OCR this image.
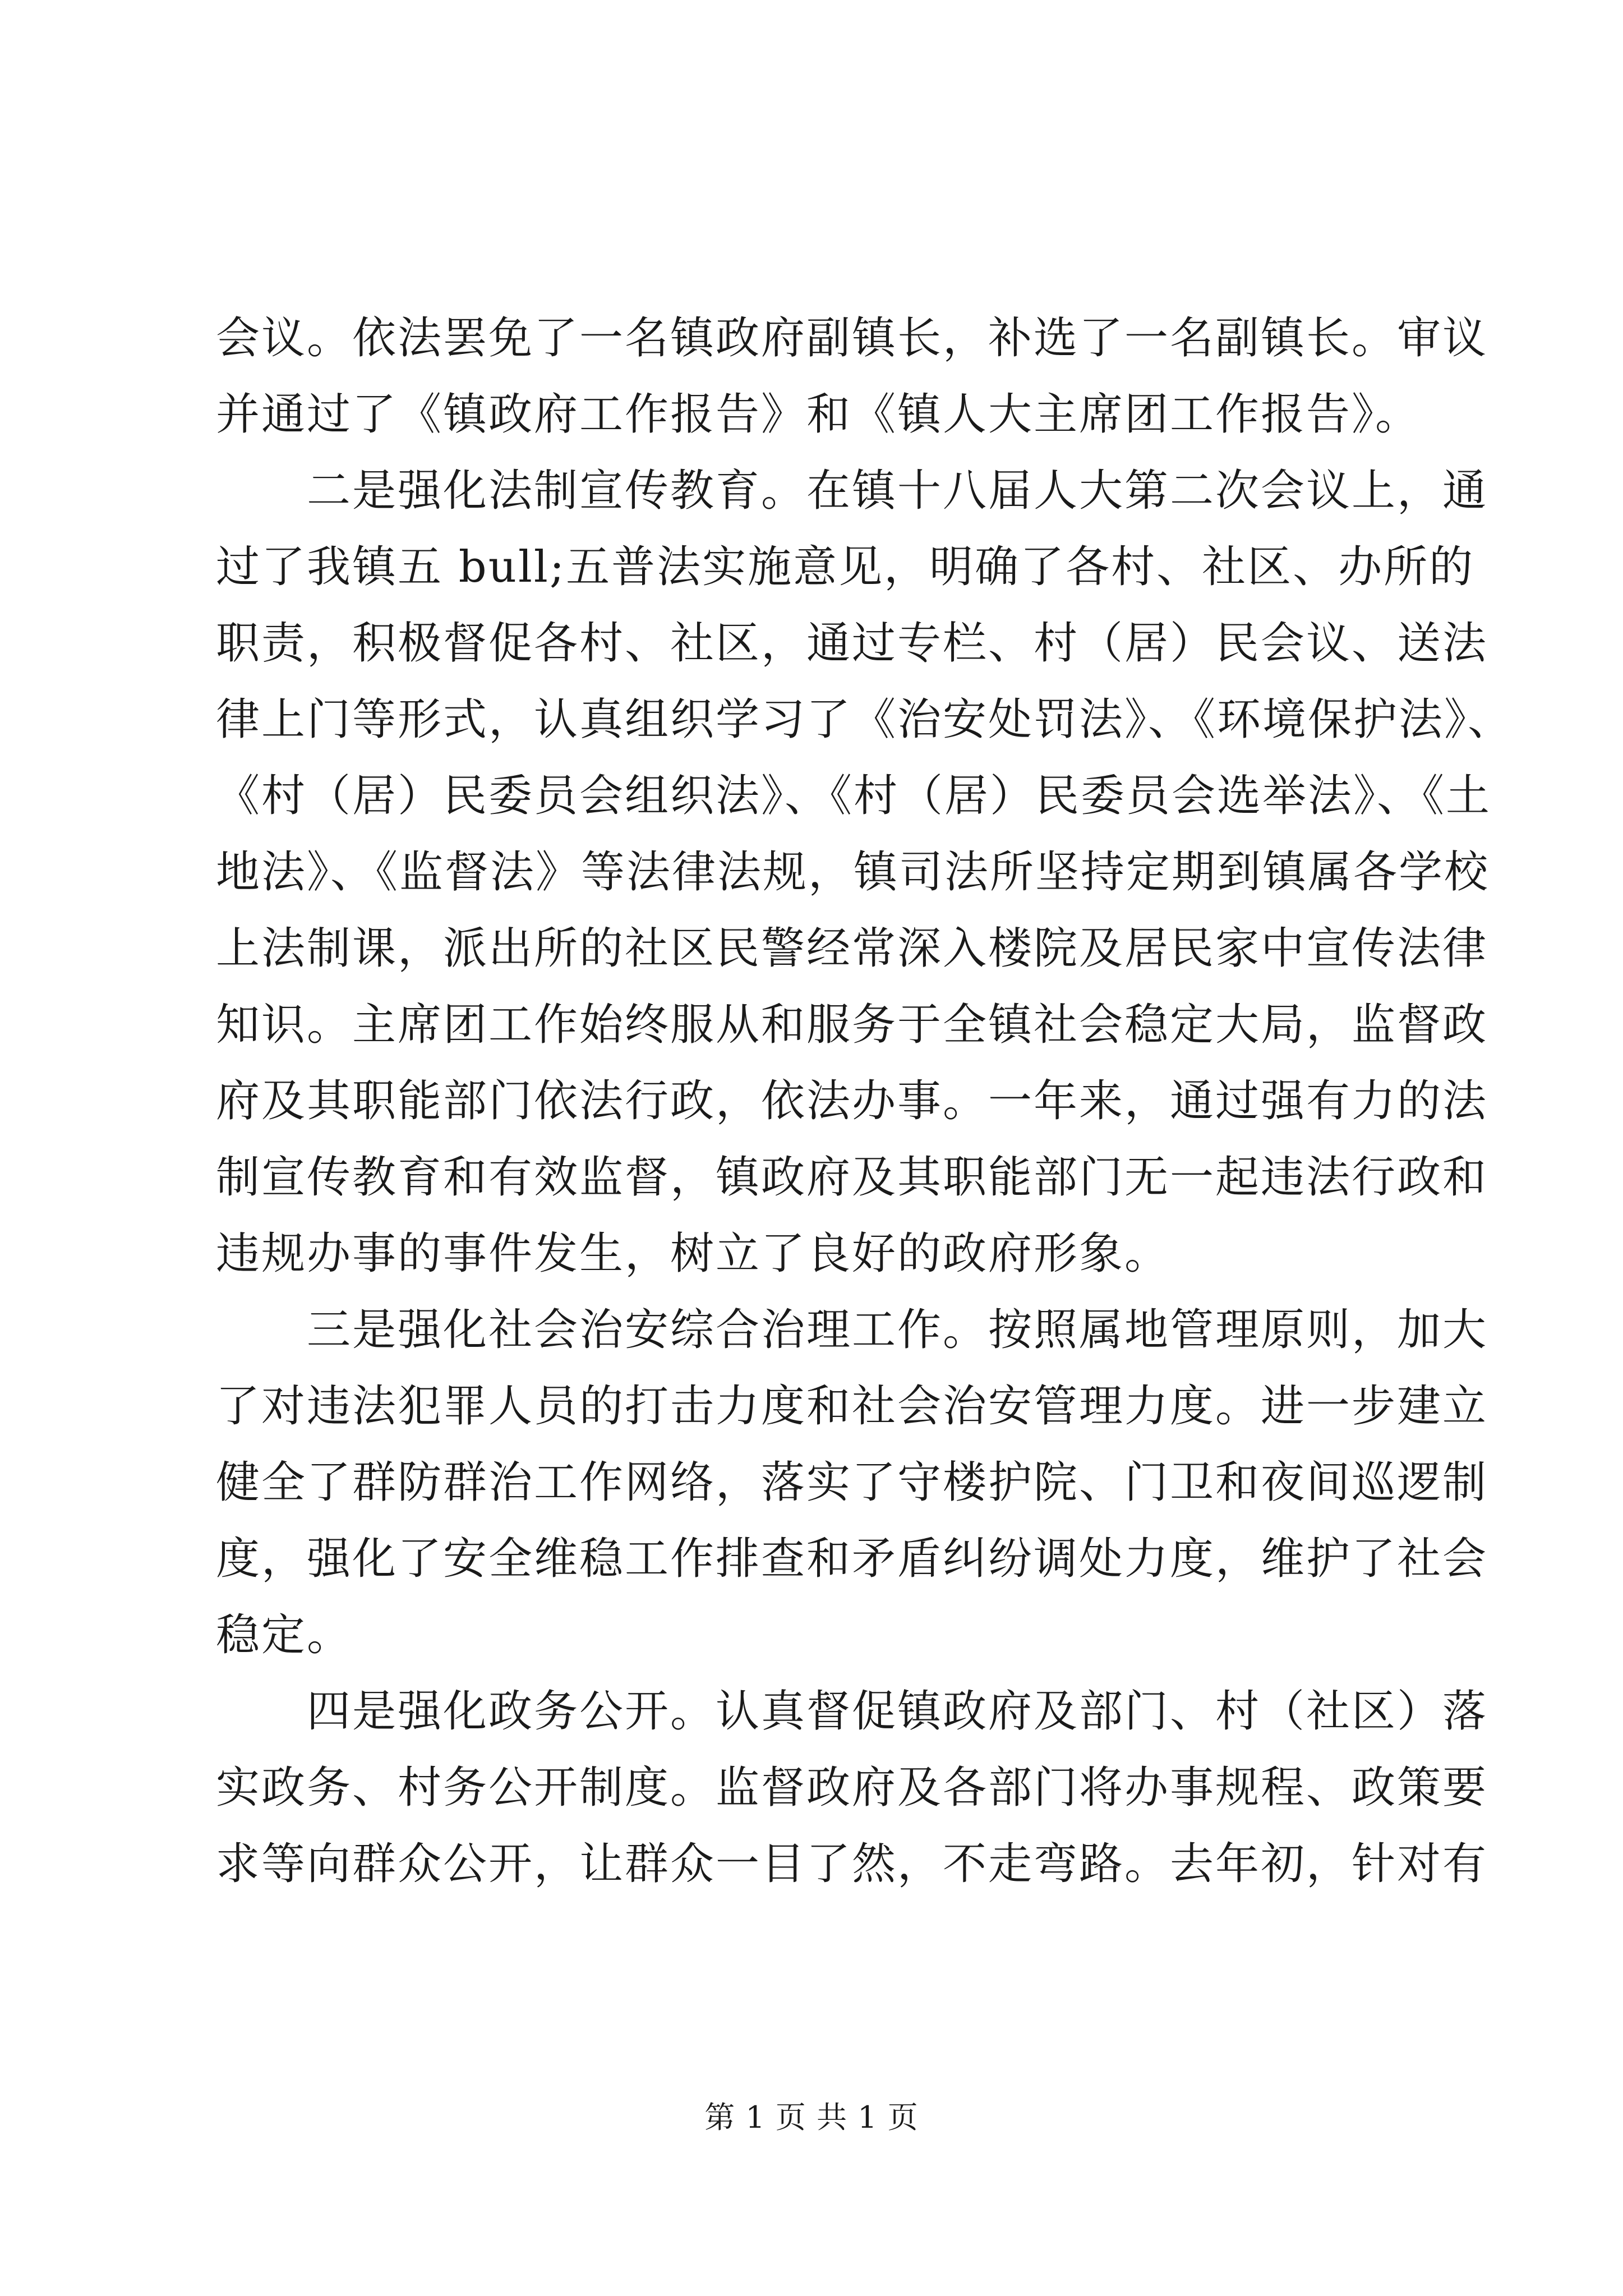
会议。依法罢免了一名镇政府副镇长，补选了一名副镇长。审议
并通过了《镇政府工作报告》和《镇人大主席团工作报告》。
二是强化法制宣传教育。在镇十八届人大第二次会议上，通
过了我镇五 bull;五普法实施意见，明确了各村、社区、办所的
职责，积极督促各村、社区，通过专栏、村（居）民会议、送法
律上门等形式，认真组织学习了《治安处罚法》、《环境保护法》、
《村（居）民委员会组织法》、《村（居）民委员会选举法》、《土
地法》、《监督法》等法律法规，镇司法所坚持定期到镇属各学校
上法制课，派出所的社区民警经常深入楼院及居民家中宣传法律
知识。主席团工作始终服从和服务于全镇社会稳定大局，监督政
府及其职能部门依法行政，依法办事。一年来，通过强有力的法
制宣传教育和有效监督，镇政府及其职能部门无一起违法行政和
违规办事的事件发生，树立了良好的政府形象。
三是强化社会治安综合治理工作。按照属地管理原则，加大
了对违法犯罪人员的打击力度和社会治安管理力度。进一步建立
健全了群防群治工作网络，落实了守楼护院、门卫和夜间巡逻制
度，强化了安全维稳工作排查和矛盾纠纷调处力度，维护了社会
稳定。
四是强化政务公开。认真督促镇政府及部门、村（社区）落
实政务、村务公开制度。监督政府及各部门将办事规程、政策要
求等向群众公开，让群众一目了然，不走弯路。去年初，针对有
第 1 页 共 1 页
